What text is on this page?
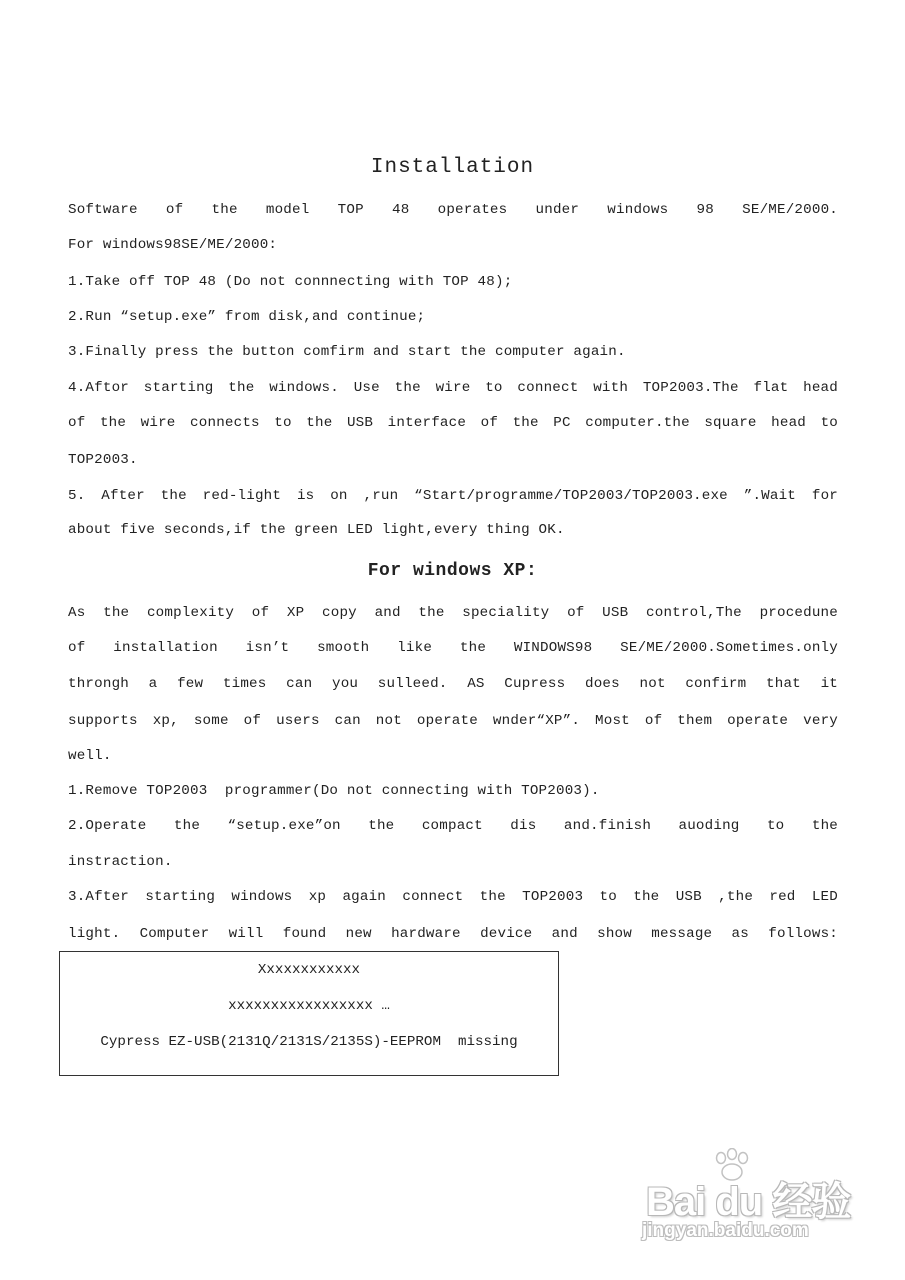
Installation
Software of the model TOP 48 operates under windows 98 SE/ME/2000.
For windows98SE/ME/2000:
1.Take off TOP 48 (Do not connnecting with TOP 48);
2.Run “setup.exe” from disk,and continue;
3.Finally press the button comfirm and start the computer again.
4.Aftor starting the windows. Use the wire to connect with TOP2003.The flat head
of the wire connects to the USB interface of the PC computer.the square head to
TOP2003.
5. After the red-light is on ,run “Start/programme/TOP2003/TOP2003.exe ”.Wait for
about five seconds,if the green LED light,every thing OK.
For windows XP:
As the complexity of XP copy and the speciality of USB control,The procedune
of installation isn’t smooth like the WINDOWS98 SE/ME/2000.Sometimes.only
throngh a few times can you sulleed. AS Cupress does not confirm that it
supports xp, some of users can not operate wnder“XP”. Most of them operate very
well.
1.Remove TOP2003  programmer(Do not connecting with TOP2003).
2.Operate the “setup.exe”on the compact dis and.finish auoding to the
instraction.
3.After starting windows xp again connect the TOP2003 to the USB ,the red LED
light. Computer will found new hardware device and show message as follows:
Xxxxxxxxxxxx
xxxxxxxxxxxxxxxxx …
Cypress EZ-USB(2131Q/2131S/2135S)-EEPROM  missing
Bai du 经验
jingyan.baidu.com
